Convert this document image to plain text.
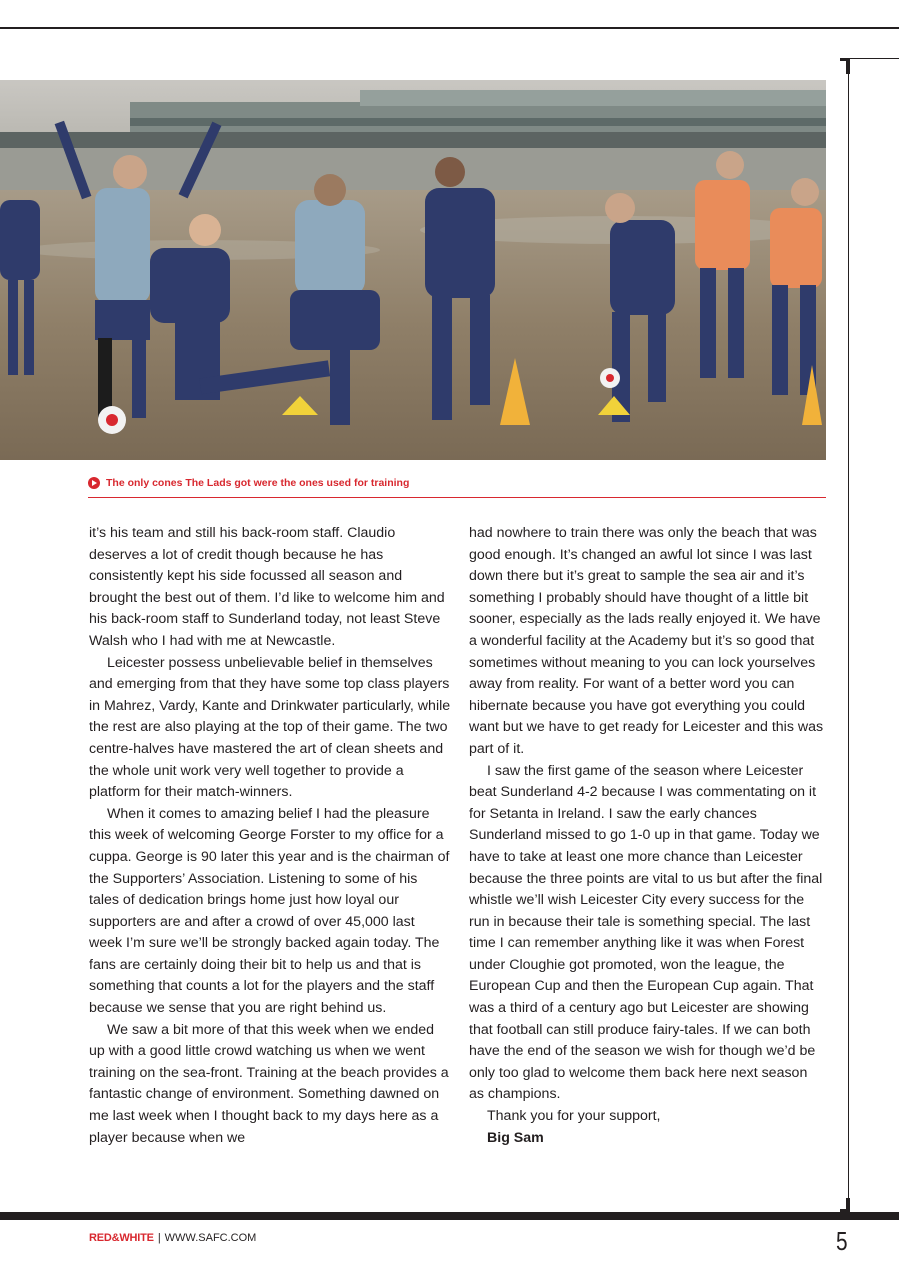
The only cones The Lads got were the ones used for training

it’s his team and still his back-room staff. Claudio deserves a lot of credit though because he has consistently kept his side focussed all season and brought the best out of them. I’d like to welcome him and his back-room staff to Sunderland today, not least Steve Walsh who I had with me at Newcastle.

Leicester possess unbelievable belief in themselves and emerging from that they have some top class players in Mahrez, Vardy, Kante and Drinkwater particularly, while the rest are also playing at the top of their game. The two centre-halves have mastered the art of clean sheets and the whole unit work very well together to provide a platform for their match-winners.

When it comes to amazing belief I had the pleasure this week of welcoming George Forster to my office for a cuppa. George is 90 later this year and is the chairman of the Supporters’ Association. Listening to some of his tales of dedication brings home just how loyal our supporters are and after a crowd of over 45,000 last week I’m sure we’ll be strongly backed again today. The fans are certainly doing their bit to help us and that is something that counts a lot for the players and the staff because we sense that you are right behind us.

We saw a bit more of that this week when we ended up with a good little crowd watching us when we went training on the sea-front. Training at the beach provides a fantastic change of environment. Something dawned on me last week when I thought back to my days here as a player because when we

had nowhere to train there was only the beach that was good enough. It’s changed an awful lot since I was last down there but it’s great to sample the sea air and it’s something I probably should have thought of a little bit sooner, especially as the lads really enjoyed it. We have a wonderful facility at the Academy but it’s so good that sometimes without meaning to you can lock yourselves away from reality. For want of a better word you can hibernate because you have got everything you could want but we have to get ready for Leicester and this was part of it.

I saw the first game of the season where Leicester beat Sunderland 4-2 because I was commentating on it for Setanta in Ireland. I saw the early chances Sunderland missed to go 1-0 up in that game. Today we have to take at least one more chance than Leicester because the three points are vital to us but after the final whistle we’ll wish Leicester City every success for the run in because their tale is something special. The last time I can remember anything like it was when Forest under Cloughie got promoted, won the league, the European Cup and then the European Cup again. That was a third of a century ago but Leicester are showing that football can still produce fairy-tales. If we can both have the end of the season we wish for though we’d be only too glad to welcome them back here next season as champions.

Thank you for your support,
Big Sam
RED&WHITE | WWW.SAFC.COM	5
